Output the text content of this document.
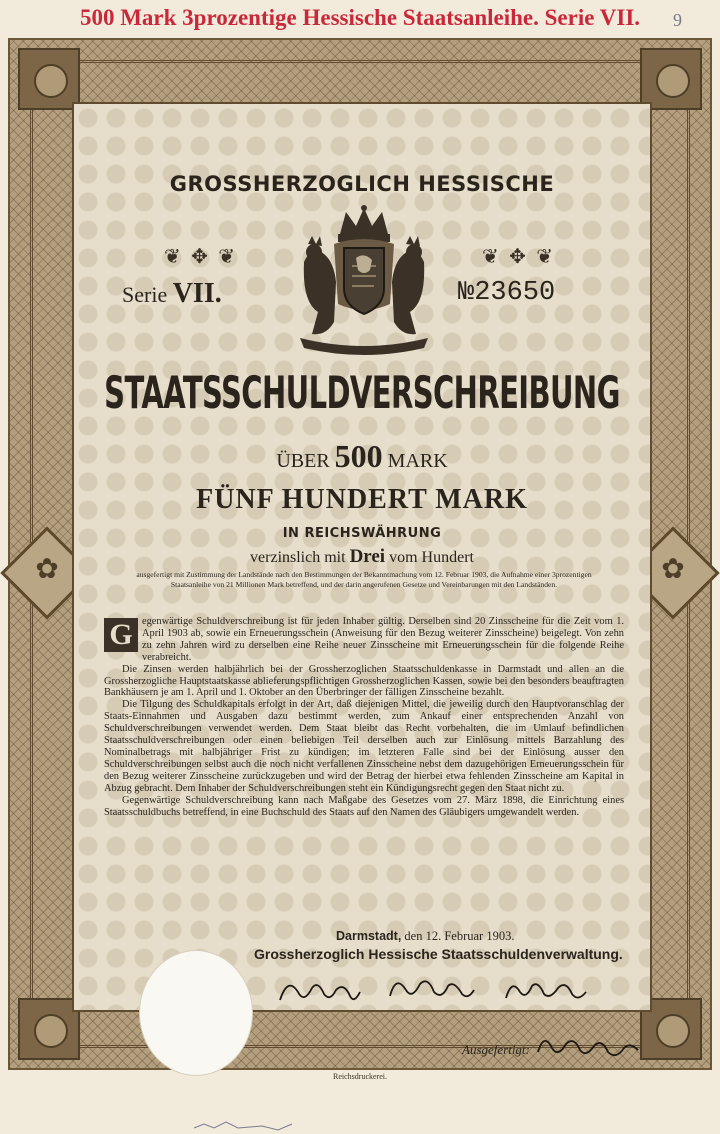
500 Mark 3prozentige Hessische Staatsanleihe. Serie VII. 9
✿
✿
GROSSHERZOGLICH HESSISCHE
❦ ✥ ❦	❦ ✥ ❦
Serie VII.	№23650
STAATSSCHULDVERSCHREIBUNG
ÜBER 500 MARK
FÜNF HUNDERT MARK
IN REICHSWÄHRUNG
verzinslich mit Drei vom Hundert
ausgefertigt mit Zustimmung der Landstände nach den Bestimmungen der Bekanntmachung vom 12. Februar 1903, die Aufnahme einer 3prozentigen Staatsanleihe von 21 Millionen Mark betreffend, und der darin angerufenen Gesetze und Vereinbarungen mit den Landständen.

G egenwärtige Schuldverschreibung ist für jeden Inhaber gültig. Derselben sind 20 Zinsscheine für die Zeit vom 1. April 1903 ab, sowie ein Erneuerungsschein (Anweisung für den Bezug weiterer Zinsscheine) beigelegt. Von zehn zu zehn Jahren wird zu derselben eine Reihe neuer Zinsscheine mit Erneuerungsschein für die folgende Reihe verabreicht.

Die Zinsen werden halbjährlich bei der Grossherzoglichen Staatsschuldenkasse in Darmstadt und allen an die Grossherzogliche Hauptstaatskasse ablieferungspflichtigen Grossherzoglichen Kassen, sowie bei den besonders beauftragten Bankhäusern je am 1. April und 1. Oktober an den Überbringer der fälligen Zinsscheine bezahlt.

Die Tilgung des Schuldkapitals erfolgt in der Art, daß diejenigen Mittel, die jeweilig durch den Hauptvoranschlag der Staats-Einnahmen und Ausgaben dazu bestimmt werden, zum Ankauf einer entsprechenden Anzahl von Schuldverschreibungen verwendet werden. Dem Staat bleibt das Recht vorbehalten, die im Umlauf befindlichen Staatsschuldverschreibungen oder einen beliebigen Teil derselben auch zur Einlösung mittels Barzahlung des Nominalbetrags mit halbjähriger Frist zu kündigen; im letzteren Falle sind bei der Einlösung ausser den Schuldverschreibungen selbst auch die noch nicht verfallenen Zinsscheine nebst dem dazugehörigen Erneuerungsschein für den Bezug weiterer Zinsscheine zurückzugeben und wird der Betrag der hierbei etwa fehlenden Zinsscheine am Kapital in Abzug gebracht. Dem Inhaber der Schuldverschreibungen steht ein Kündigungsrecht gegen den Staat nicht zu.

Gegenwärtige Schuldverschreibung kann nach Maßgabe des Gesetzes vom 27. März 1898, die Einrichtung eines Staatsschuldbuchs betreffend, in eine Buchschuld des Staats auf den Namen des Gläubigers umgewandelt werden.

Darmstadt, den 12. Februar 1903.
Grossherzoglich Hessische Staatsschuldenverwaltung.
Ausgefertigt:
Reichsdruckerei.
